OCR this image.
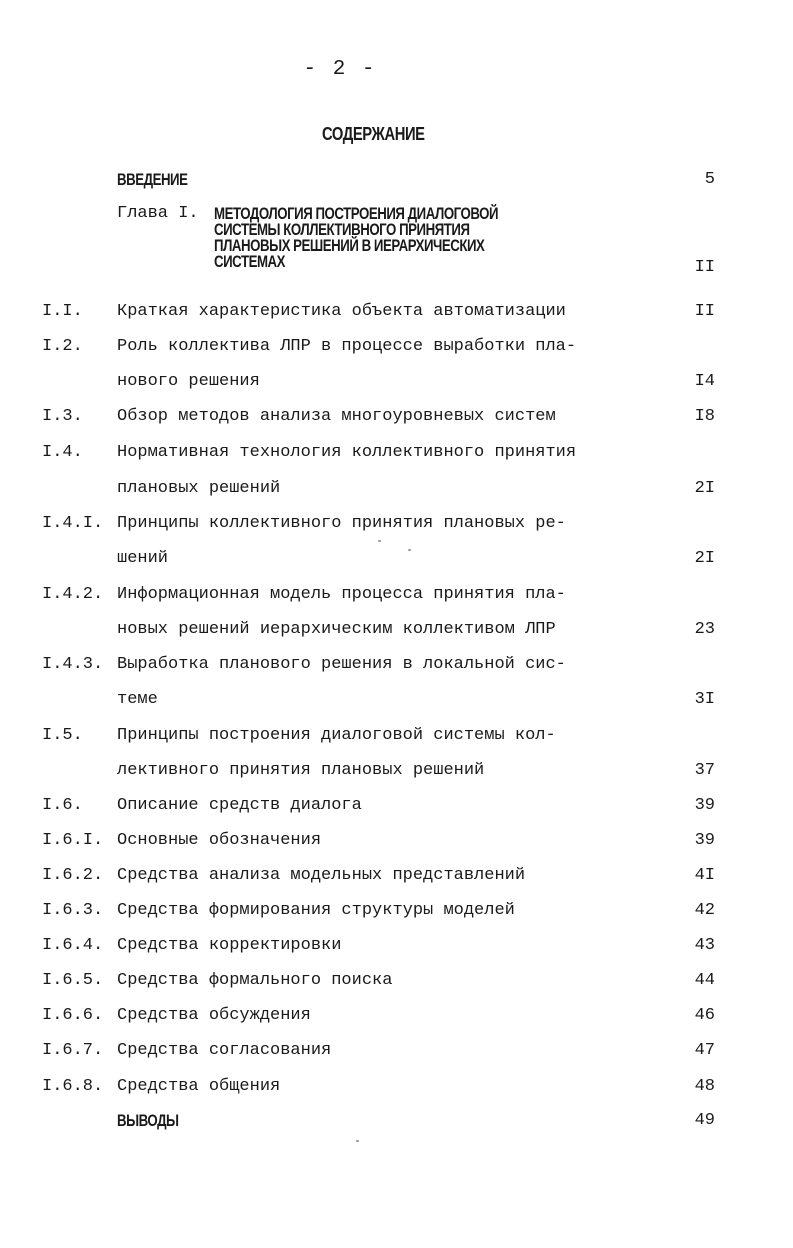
- 2 -
СОДЕРЖАНИЕ
ВВЕДЕНИЕ	5
Глава I. МЕТОДОЛОГИЯ ПОСТРОЕНИЯ ДИАЛОГОВОЙ
СИСТЕМЫ КОЛЛЕКТИВНОГО ПРИНЯТИЯ
ПЛАНОВЫХ РЕШЕНИЙ В ИЕРАРХИЧЕСКИХ
СИСТЕМАХ	II
I.I. Краткая характеристика объекта автоматизации	II
I.2. Роль коллектива ЛПР в процессе выработки пла-
нового решения	I4
I.3. Обзор методов анализа многоуровневых систем	I8
I.4. Нормативная технология коллективного принятия
плановых решений	2I
I.4.I. Принципы коллективного принятия плановых ре-
шений	2I
I.4.2. Информационная модель процесса принятия пла-
новых решений иерархическим коллективом ЛПР	23
I.4.3. Выработка планового решения в локальной сис-
теме	3I
I.5. Принципы построения диалоговой системы кол-
лективного принятия плановых решений	37
I.6. Описание средств диалога	39
I.6.I. Основные обозначения	39
I.6.2. Средства анализа модельных представлений	4I
I.6.3. Средства формирования структуры моделей	42
I.6.4. Средства корректировки	43
I.6.5. Средства формального поиска	44
I.6.6. Средства обсуждения	46
I.6.7. Средства согласования	47
I.6.8. Средства общения	48
ВЫВОДЫ	49
